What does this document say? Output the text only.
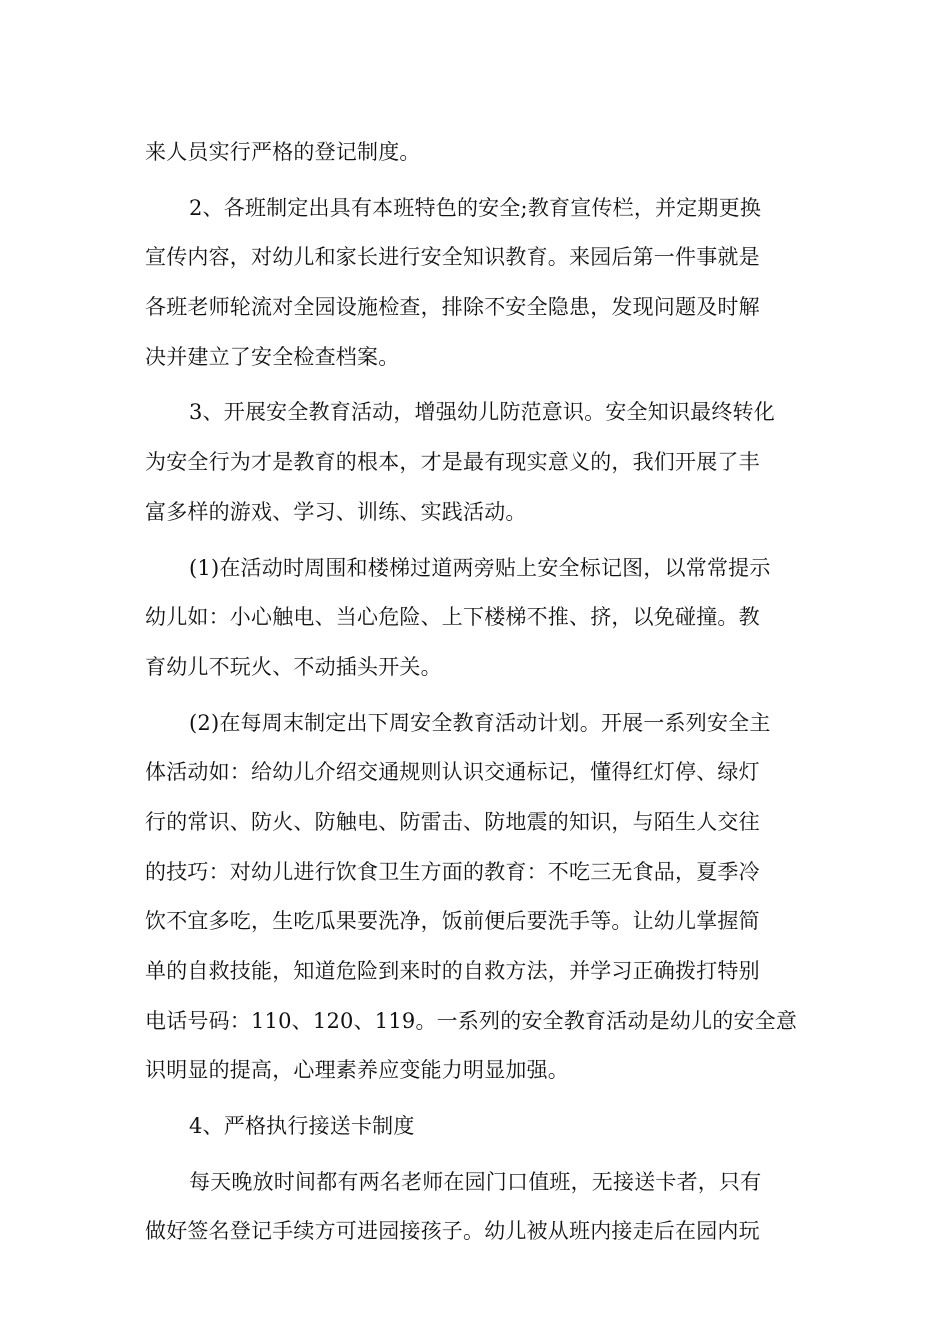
来人员实行严格的登记制度。
2、各班制定出具有本班特色的安全;教育宣传栏，并定期更换
宣传内容，对幼儿和家长进行安全知识教育。来园后第一件事就是
各班老师轮流对全园设施检查，排除不安全隐患，发现问题及时解
决并建立了安全检查档案。
3、开展安全教育活动，增强幼儿防范意识。安全知识最终转化
为安全行为才是教育的根本，才是最有现实意义的，我们开展了丰
富多样的游戏、学习、训练、实践活动。
(1)在活动时周围和楼梯过道两旁贴上安全标记图，以常常提示
幼儿如：小心触电、当心危险、上下楼梯不推、挤，以免碰撞。教
育幼儿不玩火、不动插头开关。
(2)在每周末制定出下周安全教育活动计划。开展一系列安全主
体活动如：给幼儿介绍交通规则认识交通标记，懂得红灯停、绿灯
行的常识、防火、防触电、防雷击、防地震的知识，与陌生人交往
的技巧：对幼儿进行饮食卫生方面的教育：不吃三无食品，夏季冷
饮不宜多吃，生吃瓜果要洗净，饭前便后要洗手等。让幼儿掌握简
单的自救技能，知道危险到来时的自救方法，并学习正确拨打特别
电话号码：110、120、119。一系列的安全教育活动是幼儿的安全意
识明显的提高，心理素养应变能力明显加强。
4、严格执行接送卡制度
每天晚放时间都有两名老师在园门口值班，无接送卡者，只有
做好签名登记手续方可进园接孩子。幼儿被从班内接走后在园内玩
